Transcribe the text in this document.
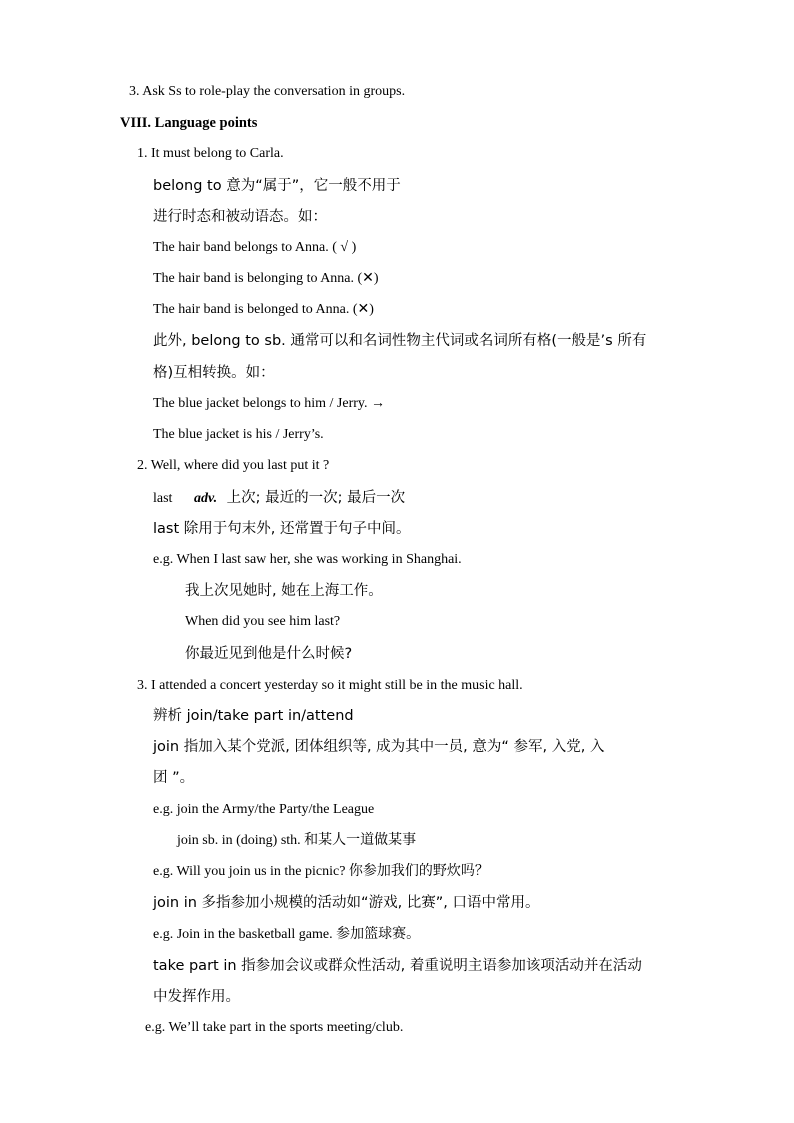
3. Ask Ss to role-play the conversation in groups.
VIII. Language points
1. It must belong to Carla.
belong to 意为“属于”，它一般不用于
进行时态和被动语态。如：
The hair band belongs to Anna. ( √ )
The hair band is belonging to Anna. (✕)
The hair band is belonged to Anna. (✕)
此外, belong to sb. 通常可以和名词性物主代词或名词所有格(一般是’s 所有
格)互相转换。如：
The blue jacket belongs to him / Jerry. →
The blue jacket is his / Jerry’s.
2. Well, where did you last put it ?
last adv. 上次; 最近的一次; 最后一次
last 除用于句末外, 还常置于句子中间。
e.g. When I last saw her, she was working in Shanghai.
我上次见她时, 她在上海工作。
When did you see him last?
你最近见到他是什么时候?
3. I attended a concert yesterday so it might still be in the music hall.
辨析 join/take part in/attend
join 指加入某个党派, 团体组织等, 成为其中一员, 意为“ 参军, 入党, 入
团 ”。
e.g. join the Army/the Party/the League
join sb. in (doing) sth. 和某人一道做某事
e.g. Will you join us in the picnic? 你参加我们的野炊吗？
join in 多指参加小规模的活动如“游戏, 比赛”, 口语中常用。
e.g. Join in the basketball game. 参加篮球赛。
take part in 指参加会议或群众性活动, 着重说明主语参加该项活动并在活动
中发挥作用。
e.g. We’ll take part in the sports meeting/club.
